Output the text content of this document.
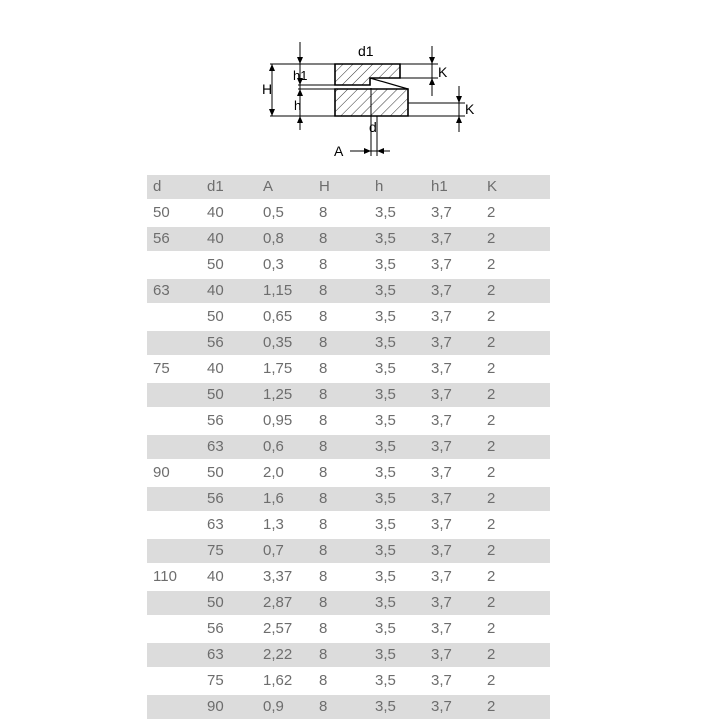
H
h1
h
d1
K
K
d
A
d	d1	A	H	h	h1	K
50	40	0,5	8	3,5	3,7	2
56	40	0,8	8	3,5	3,7	2
	50	0,3	8	3,5	3,7	2
63	40	1,15	8	3,5	3,7	2
	50	0,65	8	3,5	3,7	2
	56	0,35	8	3,5	3,7	2
75	40	1,75	8	3,5	3,7	2
	50	1,25	8	3,5	3,7	2
	56	0,95	8	3,5	3,7	2
	63	0,6	8	3,5	3,7	2
90	50	2,0	8	3,5	3,7	2
	56	1,6	8	3,5	3,7	2
	63	1,3	8	3,5	3,7	2
	75	0,7	8	3,5	3,7	2
110	40	3,37	8	3,5	3,7	2
	50	2,87	8	3,5	3,7	2
	56	2,57	8	3,5	3,7	2
	63	2,22	8	3,5	3,7	2
	75	1,62	8	3,5	3,7	2
	90	0,9	8	3,5	3,7	2
